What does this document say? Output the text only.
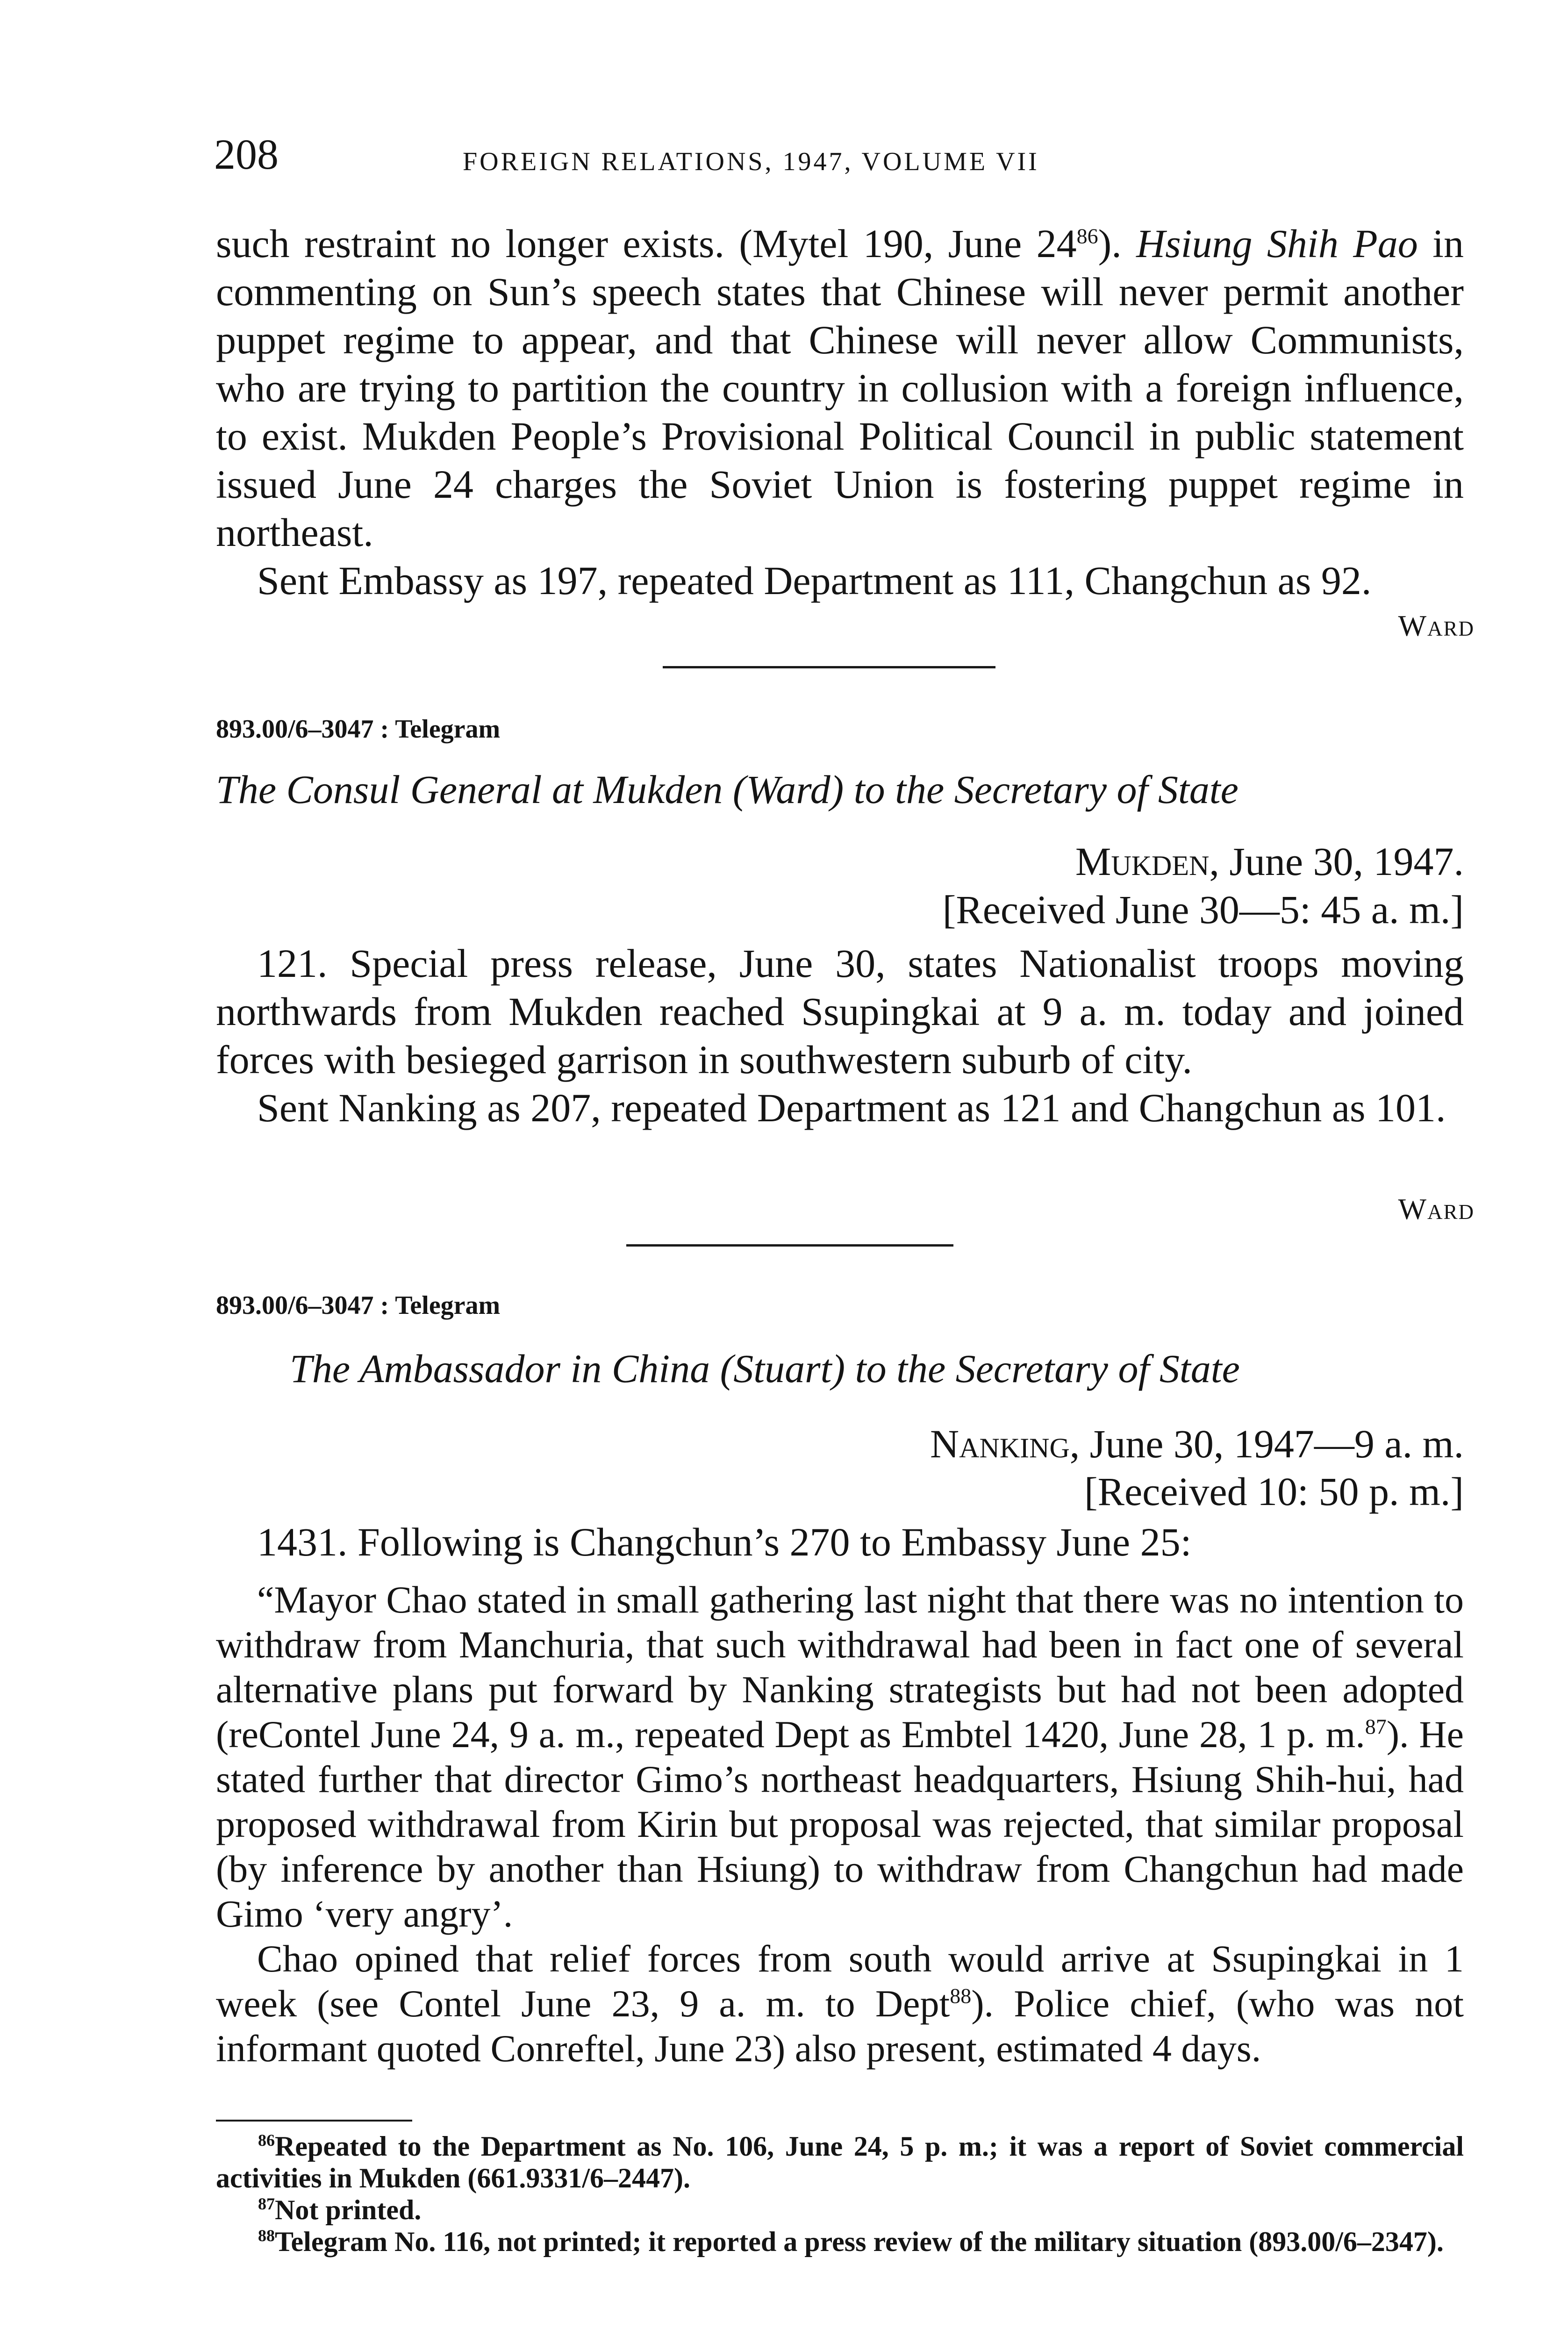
208	FOREIGN RELATIONS, 1947, VOLUME VII

such restraint no longer exists. (Mytel 190, June $24^{86}$). Hsiung Shih Pao in commenting on Sun’s speech states that Chinese will never permit another puppet regime to appear, and that Chinese will never allow Communists, who are trying to partition the country in collusion with a foreign influence, to exist. Mukden People’s Provisional Political Council in public statement issued June 24 charges the Soviet Union is fostering puppet regime in northeast.

Sent Embassy as 197, repeated Department as 111, Changchun as 92.

Ward
893.00/6–3047 : Telegram
The Consul General at Mukden (Ward) to the Secretary of State
Mukden, June 30, 1947.
[Received June 30—5: 45 a. m.]

121. Special press release, June 30, states Nationalist troops moving northwards from Mukden reached Ssupingkai at 9 a. m. today and joined forces with besieged garrison in southwestern suburb of city.

Sent Nanking as 207, repeated Department as 121 and Changchun as 101.

Ward
893.00/6–3047 : Telegram
The Ambassador in China (Stuart) to the Secretary of State
Nanking, June 30, 1947—9 a. m.
[Received 10: 50 p. m.]

1431. Following is Changchun’s 270 to Embassy June 25:

“Mayor Chao stated in small gathering last night that there was no intention to withdraw from Manchuria, that such withdrawal had been in fact one of several alternative plans put forward by Nanking strategists but had not been adopted (reContel June 24, 9 a. m., repeated Dept as Embtel 1420, June 28, 1 p. m.$^{87}$). He stated further that director Gimo’s northeast headquarters, Hsiung Shih-hui, had proposed withdrawal from Kirin but proposal was rejected, that similar proposal (by inference by another than Hsiung) to withdraw from Changchun had made Gimo ‘very angry’.

Chao opined that relief forces from south would arrive at Ssupingkai in 1 week (see Contel June 23, 9 a. m. to Dept$^{88}$). Police chief, (who was not informant quoted Conreftel, June 23) also present, estimated 4 days.

$^{86}$Repeated to the Department as No. 106, June 24, 5 p. m.; it was a report of Soviet commercial activities in Mukden (661.9331/6–2447).

$^{87}$Not printed.

$^{88}$Telegram No. 116, not printed; it reported a press review of the military situation (893.00/6–2347).
